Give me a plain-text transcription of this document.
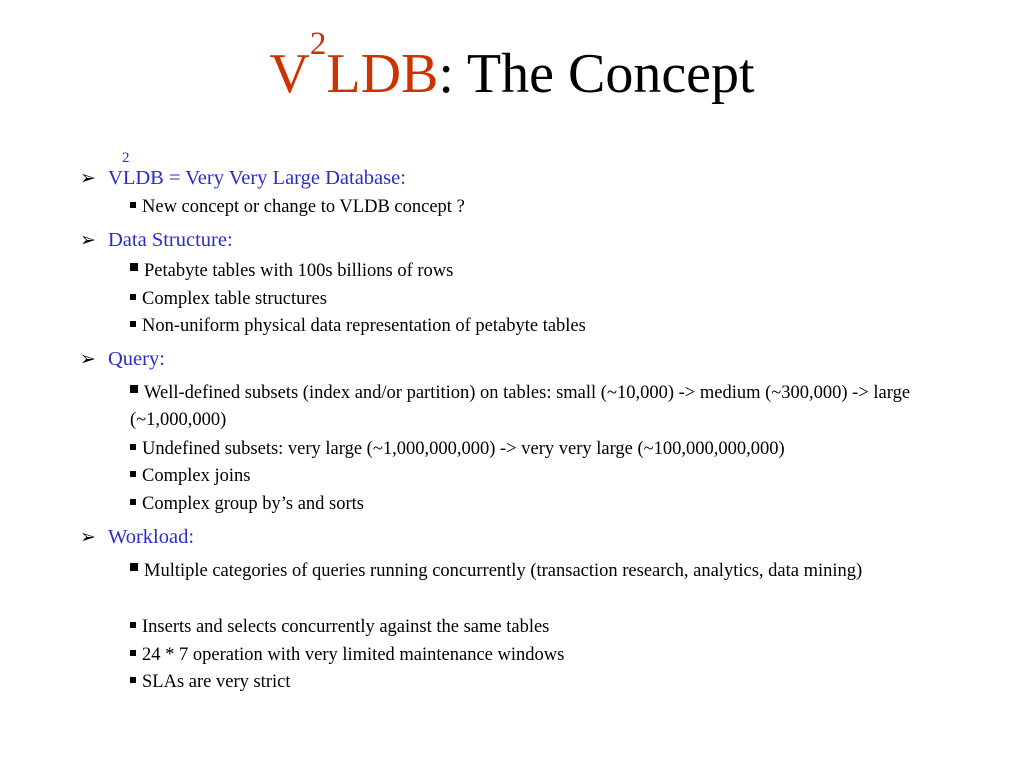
$V^2LDB$: The Concept
➢ V
2
LDB = Very Very Large Database:
New concept or change to VLDB concept ?
➢ Data Structure:
Petabyte tables with 100s billions of rows
Complex table structures
Non-uniform physical data representation of petabyte tables
➢ Query:
Well-defined subsets (index and/or partition) on tables: small (~10,000) -> medium (~300,000) -> large (~1,000,000)
Undefined subsets: very large (~1,000,000,000) -> very very large (~100,000,000,000)
Complex joins
Complex group by’s and sorts
➢ Workload:
Multiple categories of queries running concurrently (transaction research, analytics, data mining)
Inserts and selects concurrently against the same tables
24 * 7 operation with very limited maintenance windows
SLAs are very strict
